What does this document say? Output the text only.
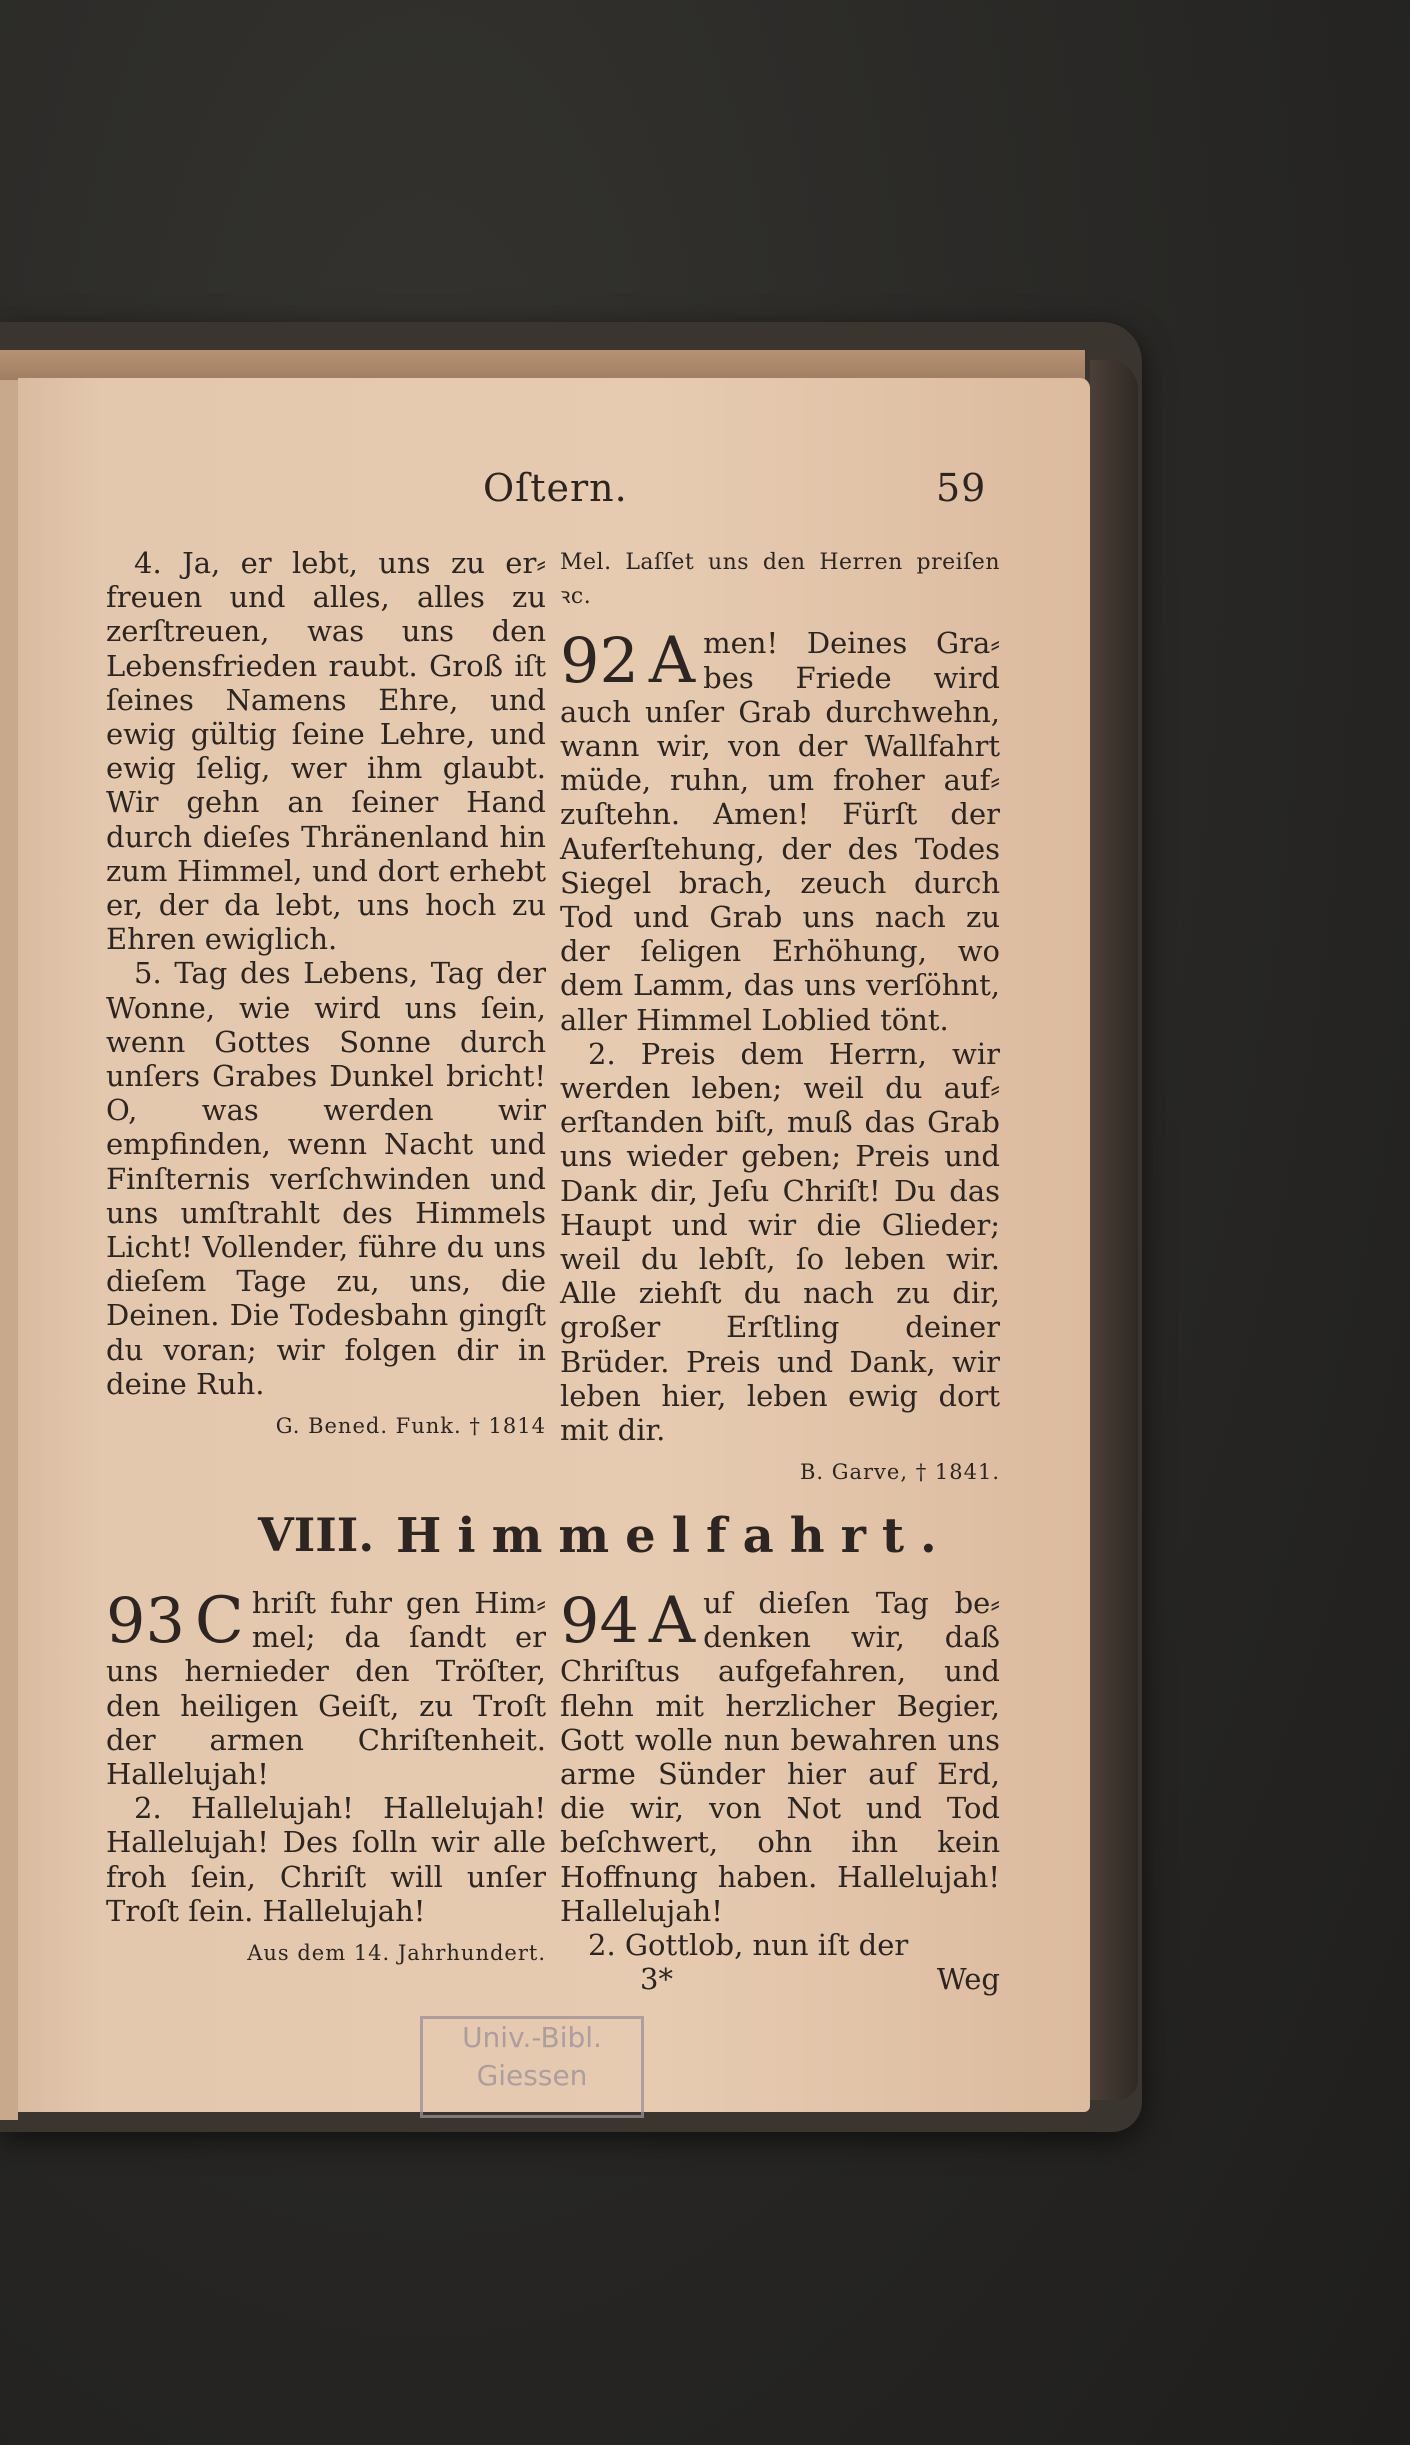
Oſtern.	59

4. Ja, er lebt, uns zu er⸗ freuen und alles, alles zu zerſtreuen, was uns den Lebensfrieden raubt. Groß iſt ſeines Namens Ehre, und ewig gültig ſeine Lehre, und ewig ſelig, wer ihm glaubt. Wir gehn an ſeiner Hand durch dieſes Thränenland hin zum Himmel, und dort erhebt er, der da lebt, uns hoch zu Ehren ewiglich.

5. Tag des Lebens, Tag der Wonne, wie wird uns ſein, wenn Gottes Sonne durch unſers Grabes Dunkel bricht! O, was werden wir empfinden, wenn Nacht und Finſternis verſchwinden und uns umſtrahlt des Himmels Licht! Vollender, führe du uns dieſem Tage zu, uns, die Deinen. Die Todesbahn gingſt du voran; wir folgen dir in deine Ruh.

G. Bened. Funk. † 1814
Mel. Laſſet uns den Herren preiſen ꝛc.
92 A men! Deines Gra⸗ bes Friede wird auch unſer Grab durchwehn, wann wir, von der Wallfahrt müde, ruhn, um froher auf⸗ zuſtehn. Amen! Fürſt der Auferſtehung, der des Todes Siegel brach, zeuch durch Tod und Grab uns nach zu der ſeligen Erhöhung, wo dem Lamm, das uns verſöhnt, aller Himmel Loblied tönt.

2. Preis dem Herrn, wir werden leben; weil du auf⸗ erſtanden biſt, muß das Grab uns wieder geben; Preis und Dank dir, Jeſu Chriſt! Du das Haupt und wir die Glieder; weil du lebſt, ſo leben wir. Alle ziehſt du nach zu dir, großer Erſtling deiner Brüder. Preis und Dank, wir leben hier, leben ewig dort mit dir.

B. Garve, † 1841.
VIII. Himmelfahrt.
93 C hriſt fuhr gen Him⸗ mel; da ſandt er uns hernieder den Tröſter, den heiligen Geiſt, zu Troſt der armen Chriſtenheit. Hallelujah!

2. Hallelujah! Hallelujah! Hallelujah! Des ſolln wir alle froh ſein, Chriſt will unſer Troſt ſein. Hallelujah!

Aus dem 14. Jahrhundert.
94 A uf dieſen Tag be⸗ denken wir, daß Chriſtus aufgefahren, und flehn mit herzlicher Begier, Gott wolle nun bewahren uns arme Sünder hier auf Erd, die wir, von Not und Tod beſchwert, ohn ihn kein Hoffnung haben. Hallelujah! Hallelujah!

2. Gottlob, nun iſt der

3*	Weg
Univ.-Bibl.
Giessen
